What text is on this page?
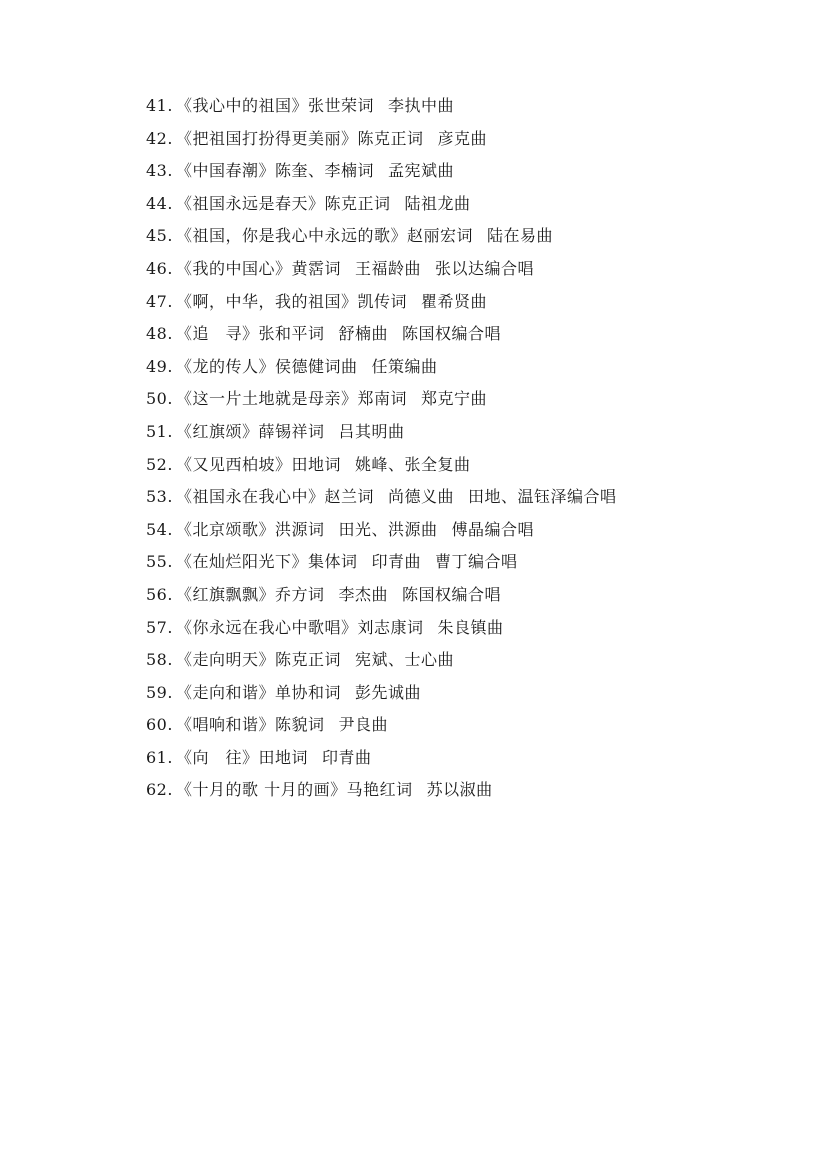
41. 《我心中的祖国》张世荣词 李执中曲
42. 《把祖国打扮得更美丽》陈克正词 彦克曲
43. 《中国春潮》陈奎、李楠词 孟宪斌曲
44. 《祖国永远是春天》陈克正词 陆祖龙曲
45. 《祖国，你是我心中永远的歌》赵丽宏词 陆在易曲
46. 《我的中国心》黄霑词 王福龄曲 张以达编合唱
47. 《啊，中华，我的祖国》凯传词 瞿希贤曲
48. 《追　寻》张和平词 舒楠曲 陈国权编合唱
49. 《龙的传人》侯德健词曲 任策编曲
50. 《这一片土地就是母亲》郑南词 郑克宁曲
51. 《红旗颂》薛锡祥词 吕其明曲
52. 《又见西柏坡》田地词 姚峰、张全复曲
53. 《祖国永在我心中》赵兰词 尚德义曲 田地、温钰泽编合唱
54. 《北京颂歌》洪源词 田光、洪源曲 傅晶编合唱
55. 《在灿烂阳光下》集体词 印青曲 曹丁编合唱
56. 《红旗飘飘》乔方词 李杰曲 陈国权编合唱
57. 《你永远在我心中歌唱》刘志康词 朱良镇曲
58. 《走向明天》陈克正词 宪斌、士心曲
59. 《走向和谐》单协和词 彭先诚曲
60. 《唱响和谐》陈貌词 尹良曲
61. 《向　往》田地词 印青曲
62. 《十月的歌 十月的画》马艳红词 苏以淑曲
